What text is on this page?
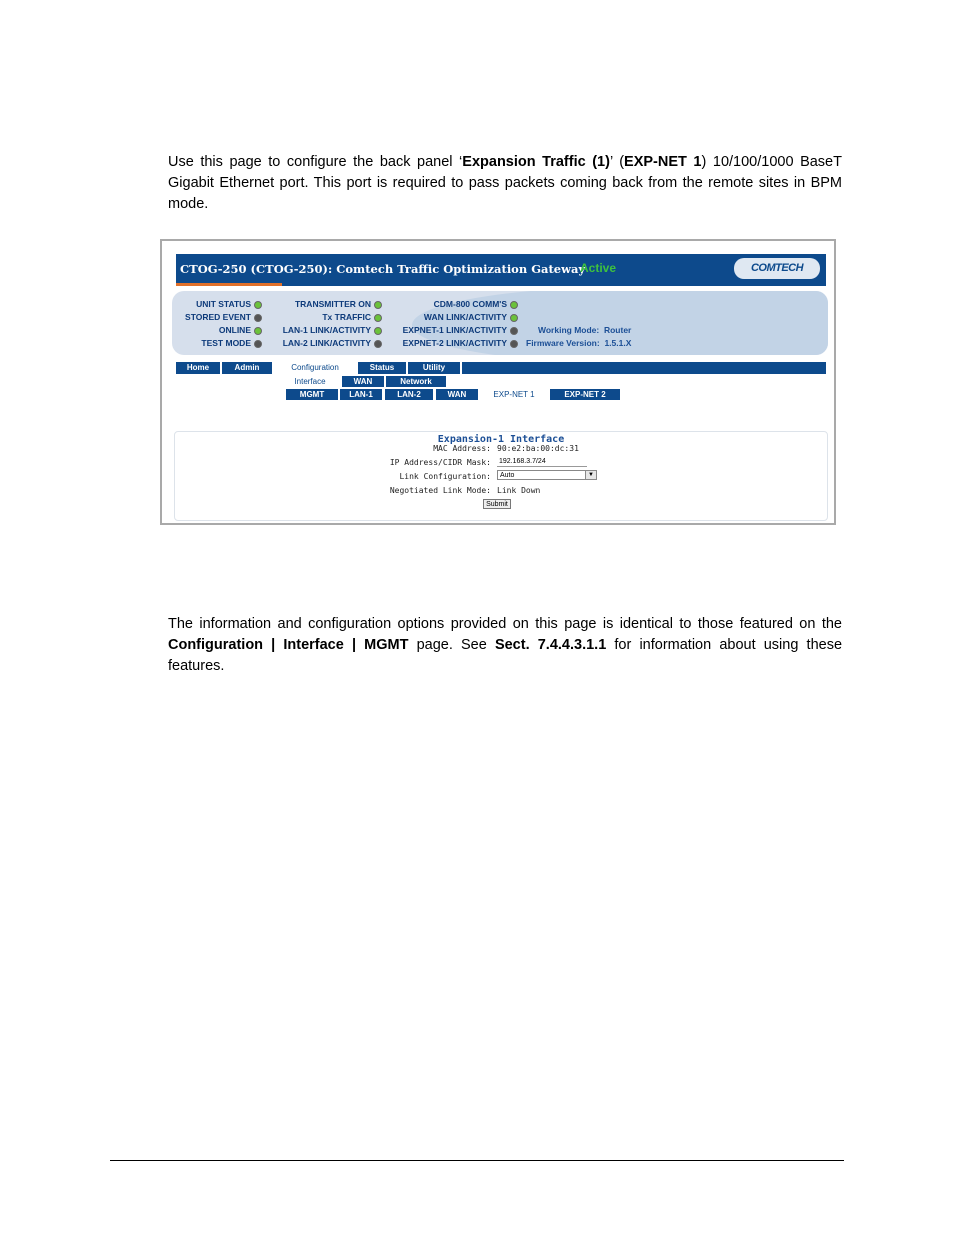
Use this page to configure the back panel ‘Expansion Traffic (1)’ (EXP-NET 1) 10/100/1000 BaseT Gigabit Ethernet port. This port is required to pass packets coming back from the remote sites in BPM mode.

CTOG-250 (CTOG-250): Comtech Traffic Optimization Gateway
Active	COMTECH
UNIT STATUS
STORED EVENT
ONLINE
TEST MODE
TRANSMITTER ON
Tx TRAFFIC
LAN-1 LINK/ACTIVITY
LAN-2 LINK/ACTIVITY
CDM-800 COMM'S
WAN LINK/ACTIVITY
EXPNET-1 LINK/ACTIVITY
EXPNET-2 LINK/ACTIVITY
Working Mode: Router
Firmware Version: 1.5.1.X
Home	Admin	Configuration	Status	Utility
Interface	WAN	Network
MGMT	LAN-1	LAN-2	WAN	EXP-NET 1	EXP-NET 2
Expansion-1 Interface
MAC Address: 90:e2:ba:00:dc:31
IP Address/CIDR Mask:
192.168.3.7/24
Link Configuration:	Auto	▼
Negotiated Link Mode: Link Down
Submit

The information and configuration options provided on this page is identical to those featured on the Configuration | Interface | MGMT page. See Sect. 7.4.4.3.1.1 for information about using these features.
